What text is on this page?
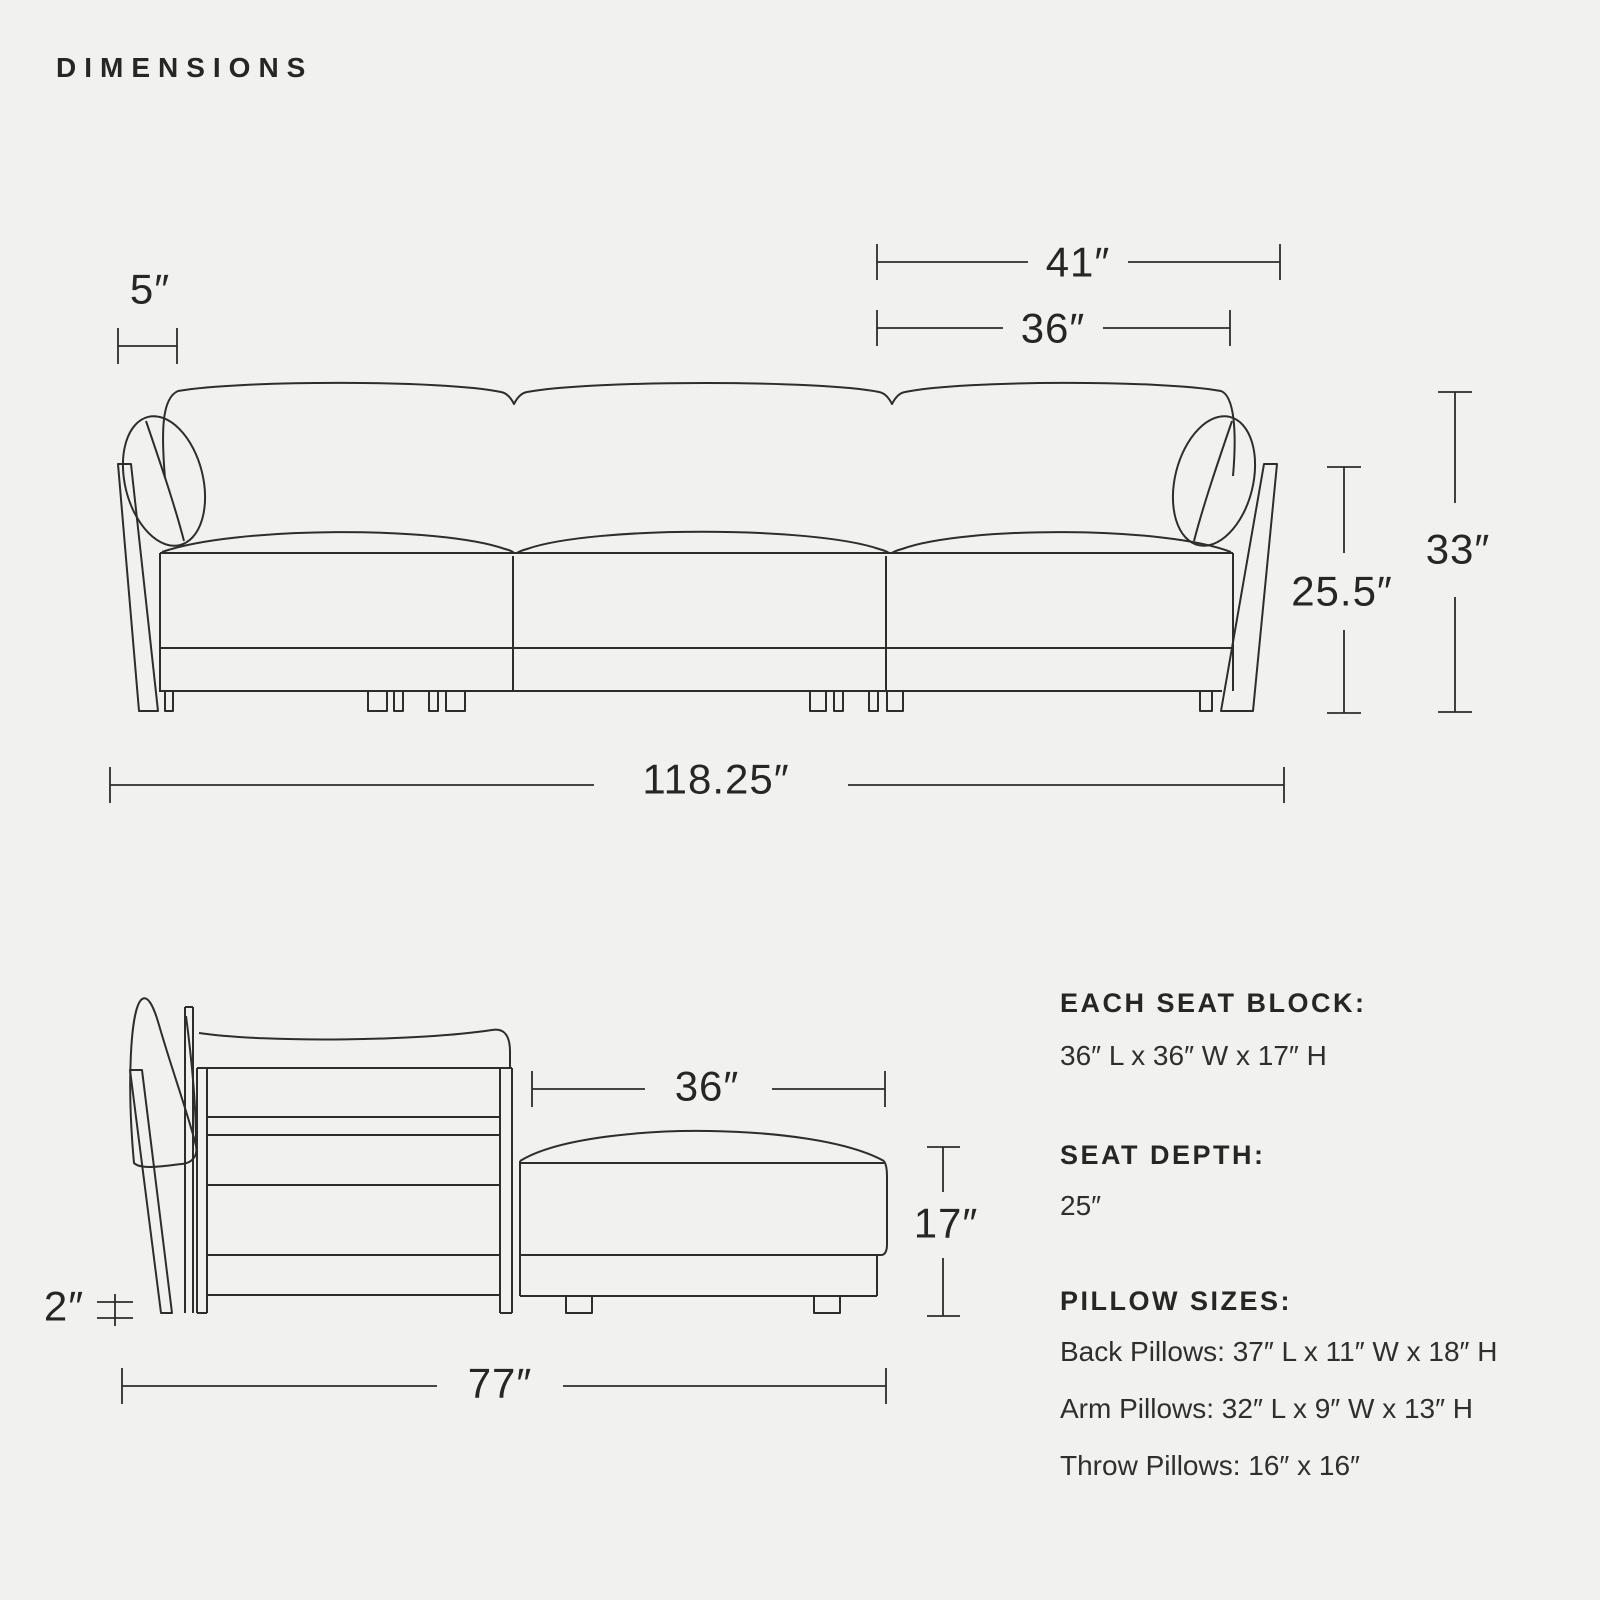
DIMENSIONS
5″
41″
36″
33″
25.5″
118.25″
36″
17″
2″
77″
EACH SEAT BLOCK:
36″ L x 36″ W x 17″ H
SEAT DEPTH:
25″
PILLOW SIZES:
Back Pillows: 37″ L x 11″ W x 18″ H
Arm Pillows: 32″ L x 9″ W x 13″ H
Throw Pillows: 16″ x 16″
